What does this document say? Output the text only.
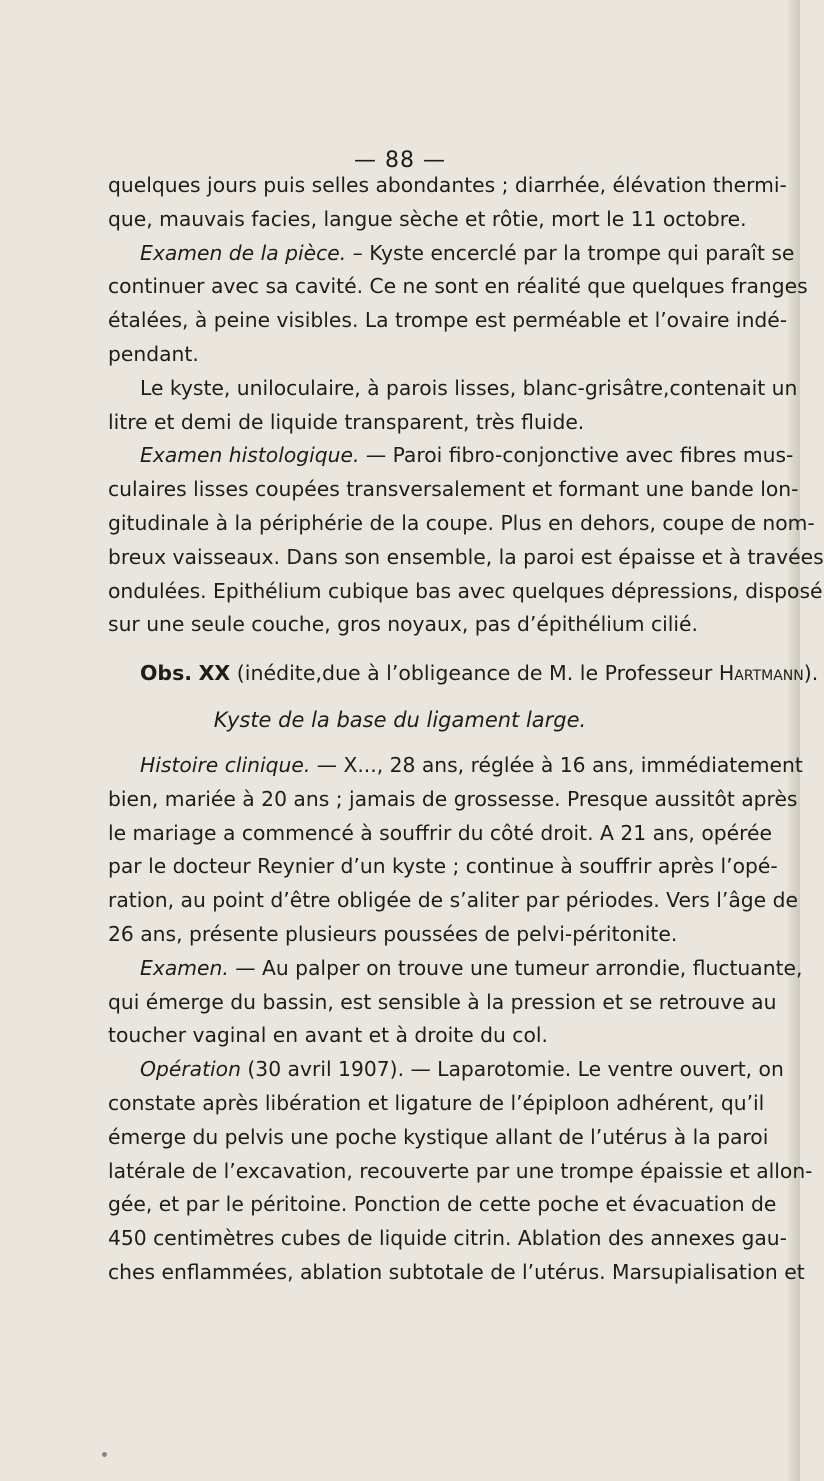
— 88 —

quelques jours puis selles abondantes ; diarrhée, élévation thermi-

que, mauvais facies, langue sèche et rôtie, mort le 11 octobre.

Examen de la pièce. – Kyste encerclé par la trompe qui paraît se

continuer avec sa cavité. Ce ne sont en réalité que quelques franges

étalées, à peine visibles. La trompe est perméable et l’ovaire indé-

pendant.

Le kyste, uniloculaire, à parois lisses, blanc-grisâtre,contenait un

litre et demi de liquide transparent, très fluide.

Examen histologique. — Paroi fibro-conjonctive avec fibres mus-

culaires lisses coupées transversalement et formant une bande lon-

gitudinale à la périphérie de la coupe. Plus en dehors, coupe de nom-

breux vaisseaux. Dans son ensemble, la paroi est épaisse et à travées

ondulées. Epithélium cubique bas avec quelques dépressions, disposé

sur une seule couche, gros noyaux, pas d’épithélium cilié.

Obs. XX (inédite,due à l’obligeance de M. le Professeur Hartmann).
Kyste de la base du ligament large.

Histoire clinique. — X..., 28 ans, réglée à 16 ans, immédiatement

bien, mariée à 20 ans ; jamais de grossesse. Presque aussitôt après

le mariage a commencé à souffrir du côté droit. A 21 ans, opérée

par le docteur Reynier d’un kyste ; continue à souffrir après l’opé-

ration, au point d’être obligée de s’aliter par périodes. Vers l’âge de

26 ans, présente plusieurs poussées de pelvi-péritonite.

Examen. — Au palper on trouve une tumeur arrondie, fluctuante,

qui émerge du bassin, est sensible à la pression et se retrouve au

toucher vaginal en avant et à droite du col.

Opération (30 avril 1907). — Laparotomie. Le ventre ouvert, on

constate après libération et ligature de l’épiploon adhérent, qu’il

émerge du pelvis une poche kystique allant de l’utérus à la paroi

latérale de l’excavation, recouverte par une trompe épaissie et allon-

gée, et par le péritoine. Ponction de cette poche et évacuation de

450 centimètres cubes de liquide citrin. Ablation des annexes gau-

ches enflammées, ablation subtotale de l’utérus. Marsupialisation et
